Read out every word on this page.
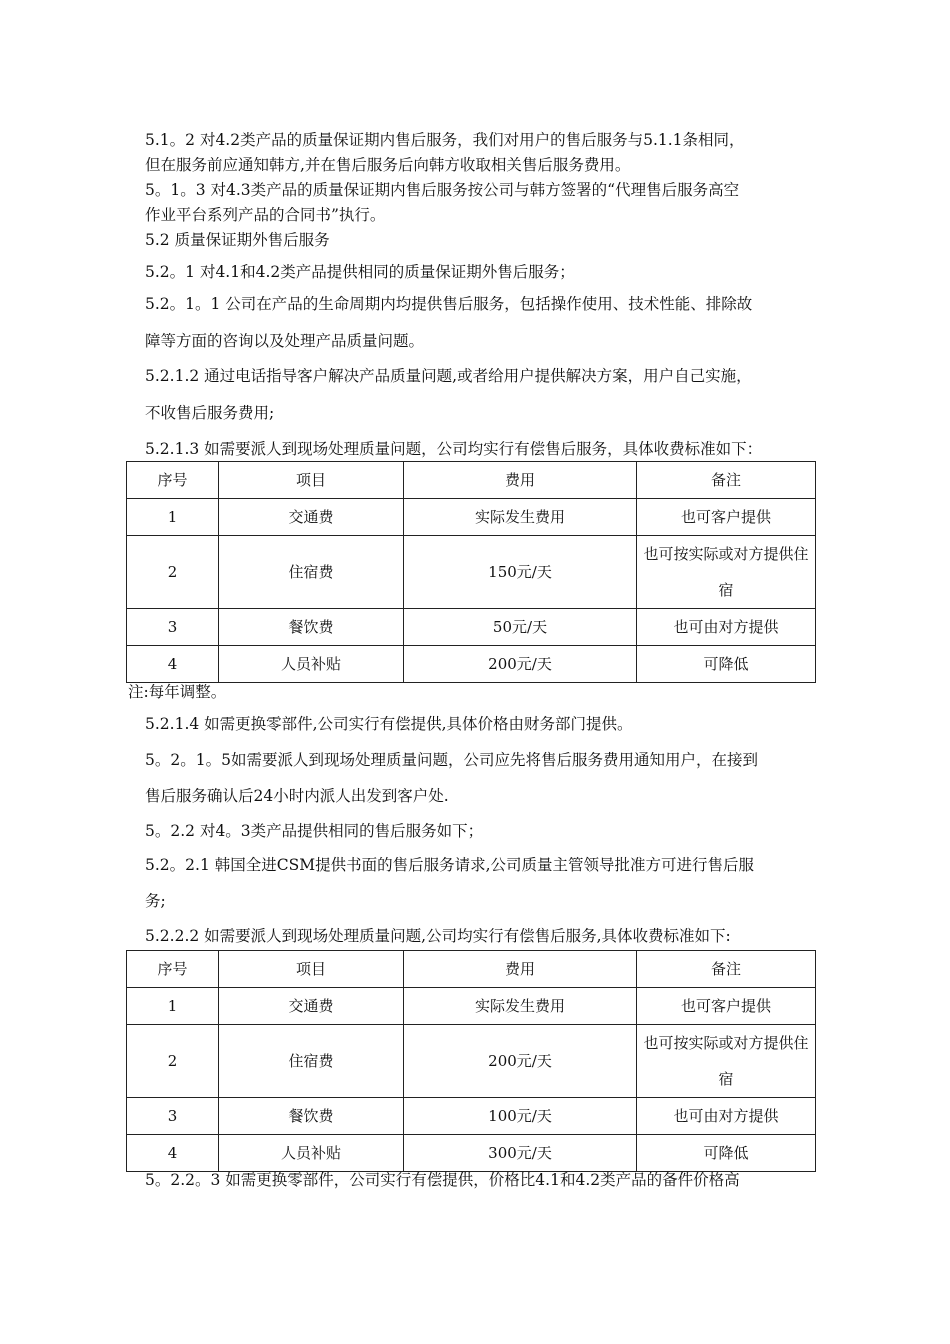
5.1。2 对4.2类产品的质量保证期内售后服务，我们对用户的售后服务与5.1.1条相同，
但在服务前应通知韩方,并在售后服务后向韩方收取相关售后服务费用。
5。1。3 对4.3类产品的质量保证期内售后服务按公司与韩方签署的“代理售后服务高空
作业平台系列产品的合同书”执行。
5.2 质量保证期外售后服务
5.2。1 对4.1和4.2类产品提供相同的质量保证期外售后服务；
5.2。1。1 公司在产品的生命周期内均提供售后服务，包括操作使用、技术性能、排除故
障等方面的咨询以及处理产品质量问题。
5.2.1.2 通过电话指导客户解决产品质量问题,或者给用户提供解决方案，用户自己实施，
不收售后服务费用;
5.2.1.3 如需要派人到现场处理质量问题，公司均实行有偿售后服务，具体收费标准如下：
序号	项目	费用	备注
1	交通费	实际发生费用	也可客户提供
2	住宿费	150元/天	也可按实际或对方提供住宿
3	餐饮费	50元/天	也可由对方提供
4	人员补贴	200元/天	可降低
注:每年调整。
5.2.1.4 如需更换零部件,公司实行有偿提供,具体价格由财务部门提供。
5。2。1。5如需要派人到现场处理质量问题，公司应先将售后服务费用通知用户，在接到
售后服务确认后24小时内派人出发到客户处.
5。2.2 对4。3类产品提供相同的售后服务如下；
5.2。2.1 韩国全进CSM提供书面的售后服务请求,公司质量主管领导批准方可进行售后服
务;
5.2.2.2 如需要派人到现场处理质量问题,公司均实行有偿售后服务,具体收费标准如下:
序号	项目	费用	备注
1	交通费	实际发生费用	也可客户提供
2	住宿费	200元/天	也可按实际或对方提供住宿
3	餐饮费	100元/天	也可由对方提供
4	人员补贴	300元/天	可降低
5。2.2。3 如需更换零部件，公司实行有偿提供，价格比4.1和4.2类产品的备件价格高
